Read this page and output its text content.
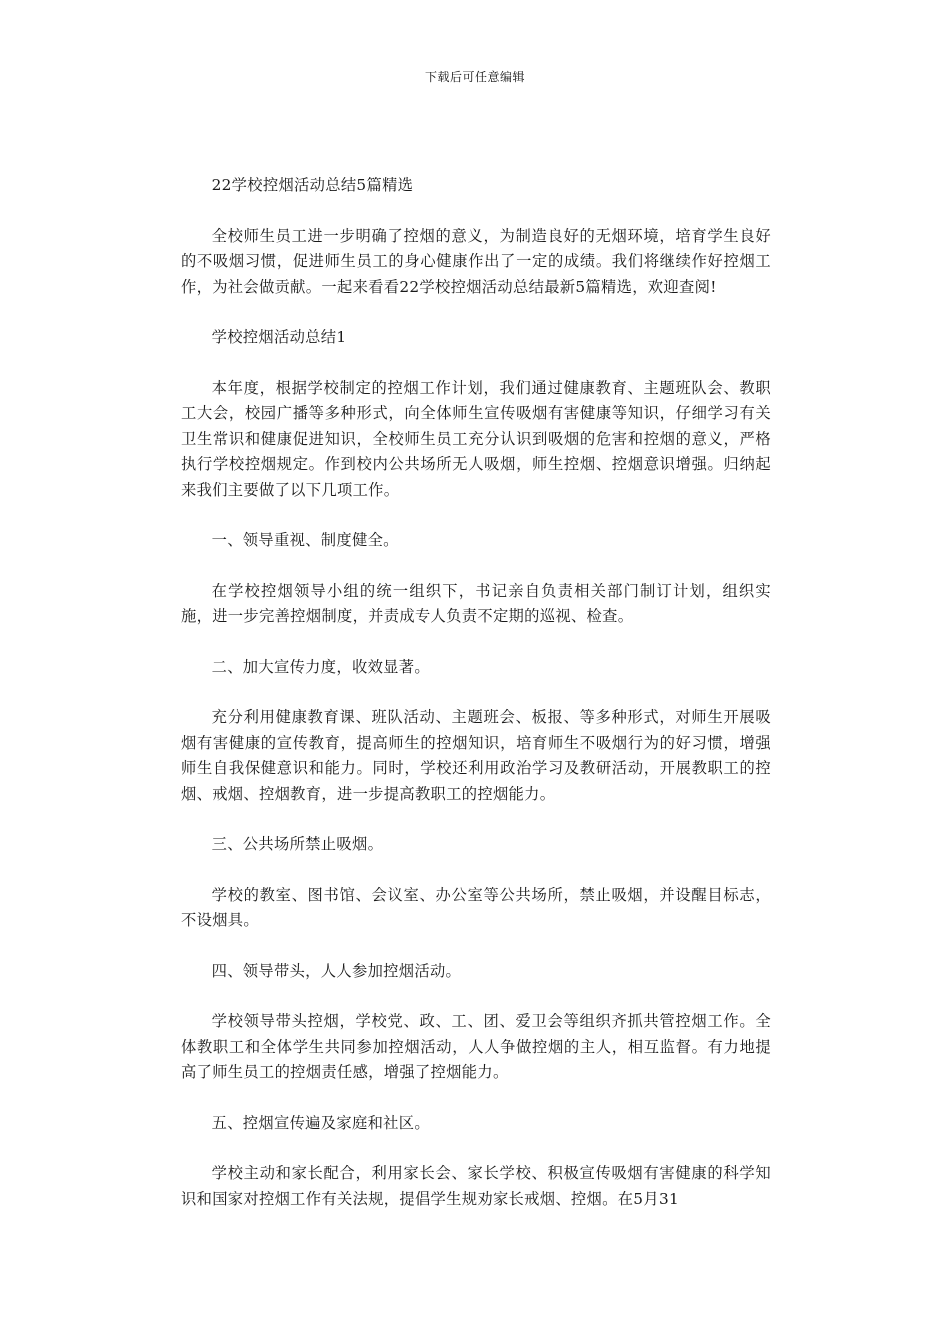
下载后可任意编辑

22学校控烟活动总结5篇精选

全校师生员工进一步明确了控烟的意义，为制造良好的无烟环境，培育学生良好的不吸烟习惯，促进师生员工的身心健康作出了一定的成绩。我们将继续作好控烟工作，为社会做贡献。一起来看看22学校控烟活动总结最新5篇精选，欢迎查阅!

学校控烟活动总结1

本年度，根据学校制定的控烟工作计划，我们通过健康教育、主题班队会、教职工大会，校园广播等多种形式，向全体师生宣传吸烟有害健康等知识，仔细学习有关卫生常识和健康促进知识，全校师生员工充分认识到吸烟的危害和控烟的意义，严格执行学校控烟规定。作到校内公共场所无人吸烟，师生控烟、控烟意识增强。归纳起来我们主要做了以下几项工作。

一、领导重视、制度健全。

在学校控烟领导小组的统一组织下，书记亲自负责相关部门制订计划，组织实施，进一步完善控烟制度，并责成专人负责不定期的巡视、检查。

二、加大宣传力度，收效显著。

充分利用健康教育课、班队活动、主题班会、板报、等多种形式，对师生开展吸烟有害健康的宣传教育，提高师生的控烟知识，培育师生不吸烟行为的好习惯，增强师生自我保健意识和能力。同时，学校还利用政治学习及教研活动，开展教职工的控烟、戒烟、控烟教育，进一步提高教职工的控烟能力。

三、公共场所禁止吸烟。

学校的教室、图书馆、会议室、办公室等公共场所，禁止吸烟，并设醒目标志，不设烟具。

四、领导带头，人人参加控烟活动。

学校领导带头控烟，学校党、政、工、团、爱卫会等组织齐抓共管控烟工作。全体教职工和全体学生共同参加控烟活动，人人争做控烟的主人，相互监督。有力地提高了师生员工的控烟责任感，增强了控烟能力。

五、控烟宣传遍及家庭和社区。

学校主动和家长配合，利用家长会、家长学校、积极宣传吸烟有害健康的科学知识和国家对控烟工作有关法规，提倡学生规劝家长戒烟、控烟。在5月31
